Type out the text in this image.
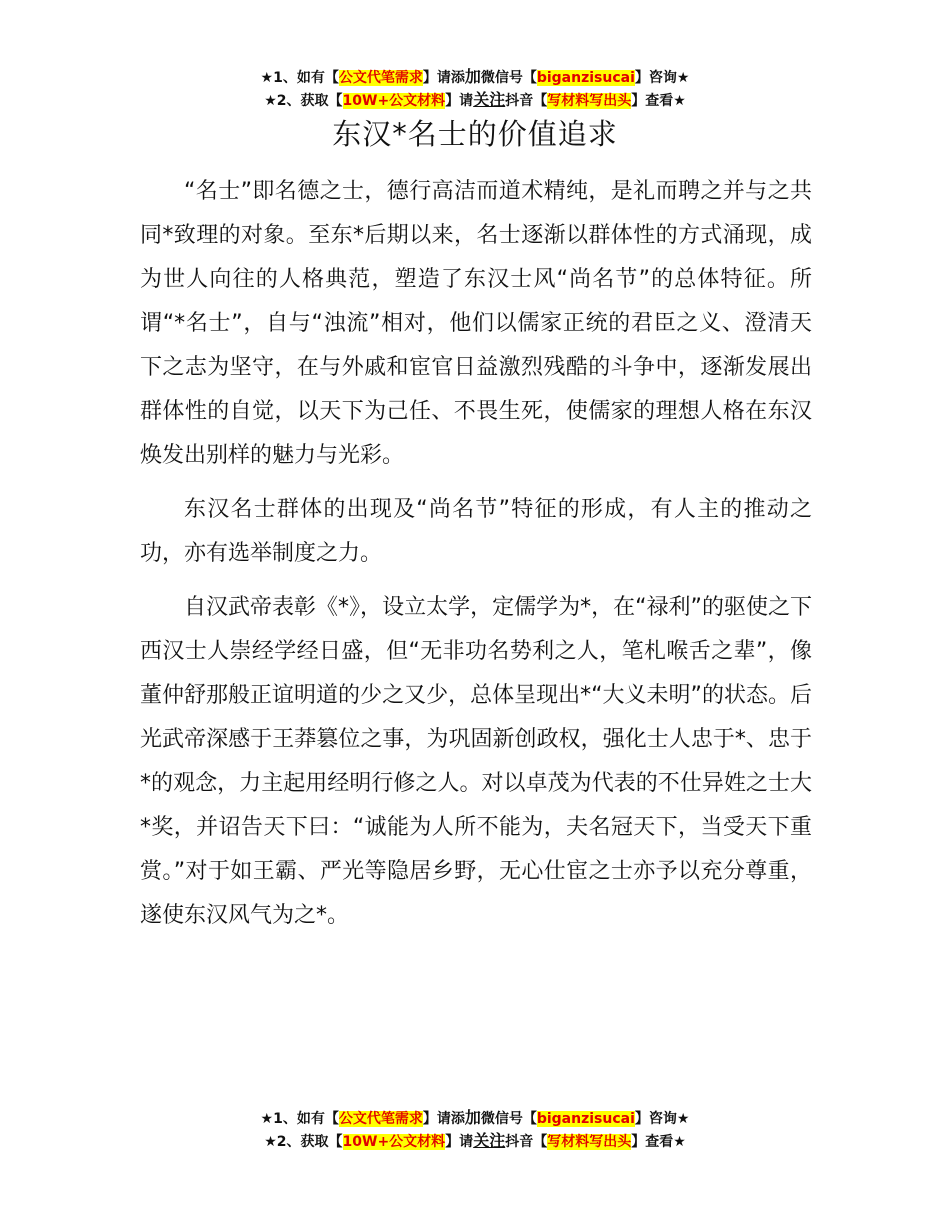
★1、如有【公文代笔需求】请添加微信号【biganzisucai】咨询★
★2、获取【10W+公文材料】请关注抖音【写材料写出头】查看★
东汉*名士的价值追求

“名士”即名德之士，德行高洁而道术精纯，是礼而聘之并与之共同*致理的对象。至东*后期以来，名士逐渐以群体性的方式涌现，成为世人向往的人格典范，塑造了东汉士风“尚名节”的总体特征。所谓“*名士”，自与“浊流”相对，他们以儒家正统的君臣之义、澄清天下之志为坚守，在与外戚和宦官日益激烈残酷的斗争中，逐渐发展出群体性的自觉，以天下为己任、不畏生死，使儒家的理想人格在东汉焕发出别样的魅力与光彩。

东汉名士群体的出现及“尚名节”特征的形成，有人主的推动之功，亦有选举制度之力。

自汉武帝表彰《*》，设立太学，定儒学为*，在“禄利”的驱使之下西汉士人崇经学经日盛，但“无非功名势利之人，笔札喉舌之辈”，像董仲舒那般正谊明道的少之又少，总体呈现出*“大义未明”的状态。后光武帝深感于王莽篡位之事，为巩固新创政权，强化士人忠于*、忠于*的观念，力主起用经明行修之人。对以卓茂为代表的不仕异姓之士大*奖，并诏告天下曰：“诚能为人所不能为，夫名冠天下，当受天下重赏。”对于如王霸、严光等隐居乡野，无心仕宦之士亦予以充分尊重，遂使东汉风气为之*。

★1、如有【公文代笔需求】请添加微信号【biganzisucai】咨询★
★2、获取【10W+公文材料】请关注抖音【写材料写出头】查看★
